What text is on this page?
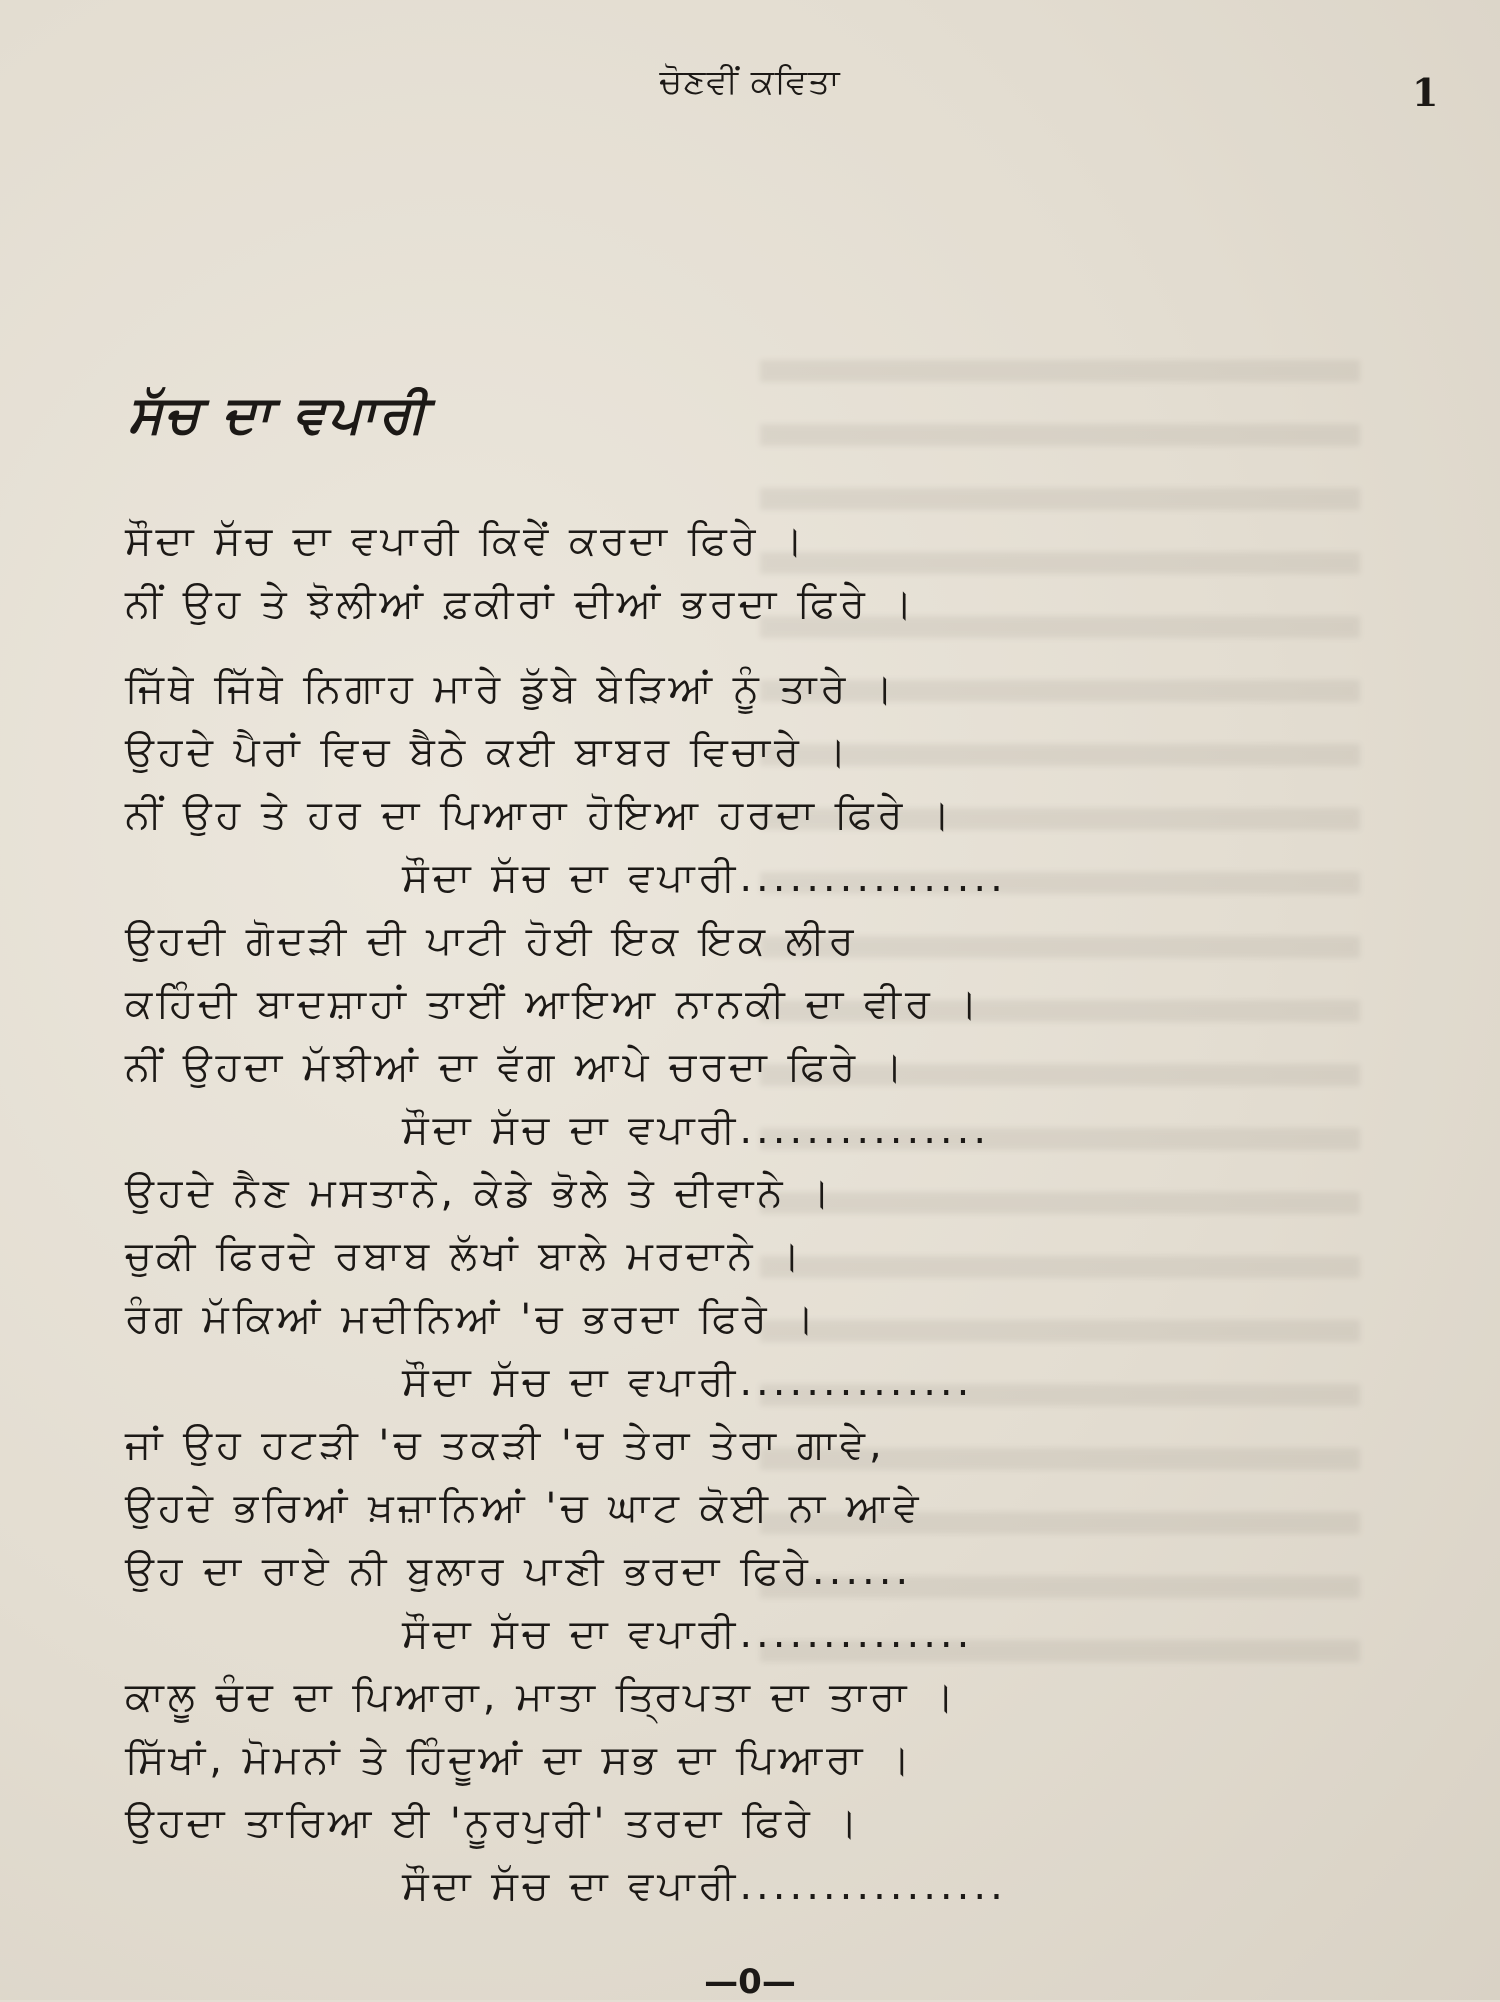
ਚੋਣਵੀਂ ਕਵਿਤਾ	1
ਸੱਚ ਦਾ ਵਪਾਰੀ
ਸੌਦਾ ਸੱਚ ਦਾ ਵਪਾਰੀ ਕਿਵੇਂ ਕਰਦਾ ਫਿਰੇ ।
ਨੀਂ ਉਹ ਤੇ ਝੋਲੀਆਂ ਫ਼ਕੀਰਾਂ ਦੀਆਂ ਭਰਦਾ ਫਿਰੇ ।
ਜਿੱਥੇ ਜਿੱਥੇ ਨਿਗਾਹ ਮਾਰੇ ਡੁੱਬੇ ਬੇੜਿਆਂ ਨੂੰ ਤਾਰੇ ।
ਉਹਦੇ ਪੈਰਾਂ ਵਿਚ ਬੈਠੇ ਕਈ ਬਾਬਰ ਵਿਚਾਰੇ ।
ਨੀਂ ਉਹ ਤੇ ਹਰ ਦਾ ਪਿਆਰਾ ਹੋਇਆ ਹਰਦਾ ਫਿਰੇ ।
ਸੌਦਾ ਸੱਚ ਦਾ ਵਪਾਰੀ................
ਉਹਦੀ ਗੋਦੜੀ ਦੀ ਪਾਟੀ ਹੋਈ ਇਕ ਇਕ ਲੀਰ
ਕਹਿੰਦੀ ਬਾਦਸ਼ਾਹਾਂ ਤਾਈਂ ਆਇਆ ਨਾਨਕੀ ਦਾ ਵੀਰ ।
ਨੀਂ ਉਹਦਾ ਮੱਝੀਆਂ ਦਾ ਵੱਗ ਆਪੇ ਚਰਦਾ ਫਿਰੇ ।
ਸੌਦਾ ਸੱਚ ਦਾ ਵਪਾਰੀ...............
ਉਹਦੇ ਨੈਣ ਮਸਤਾਨੇ, ਕੇਡੇ ਭੋਲੇ ਤੇ ਦੀਵਾਨੇ ।
ਚੁਕੀ ਫਿਰਦੇ ਰਬਾਬ ਲੱਖਾਂ ਬਾਲੇ ਮਰਦਾਨੇ ।
ਰੰਗ ਮੱਕਿਆਂ ਮਦੀਨਿਆਂ 'ਚ ਭਰਦਾ ਫਿਰੇ ।
ਸੌਦਾ ਸੱਚ ਦਾ ਵਪਾਰੀ..............
ਜਾਂ ਉਹ ਹਟੜੀ 'ਚ ਤਕੜੀ 'ਚ ਤੇਰਾ ਤੇਰਾ ਗਾਵੇ,
ਉਹਦੇ ਭਰਿਆਂ ਖ਼ਜ਼ਾਨਿਆਂ 'ਚ ਘਾਟ ਕੋਈ ਨਾ ਆਵੇ
ਉਹ ਦਾ ਰਾਏ ਨੀ ਬੁਲਾਰ ਪਾਣੀ ਭਰਦਾ ਫਿਰੇ......
ਸੌਦਾ ਸੱਚ ਦਾ ਵਪਾਰੀ..............
ਕਾਲੂ ਚੰਦ ਦਾ ਪਿਆਰਾ, ਮਾਤਾ ਤ੍ਰਿਪਤਾ ਦਾ ਤਾਰਾ ।
ਸਿੱਖਾਂ, ਮੋਮਨਾਂ ਤੇ ਹਿੰਦੂਆਂ ਦਾ ਸਭ ਦਾ ਪਿਆਰਾ ।
ਉਹਦਾ ਤਾਰਿਆ ਈ 'ਨੂਰਪੁਰੀ' ਤਰਦਾ ਫਿਰੇ ।
ਸੌਦਾ ਸੱਚ ਦਾ ਵਪਾਰੀ................
—0—
